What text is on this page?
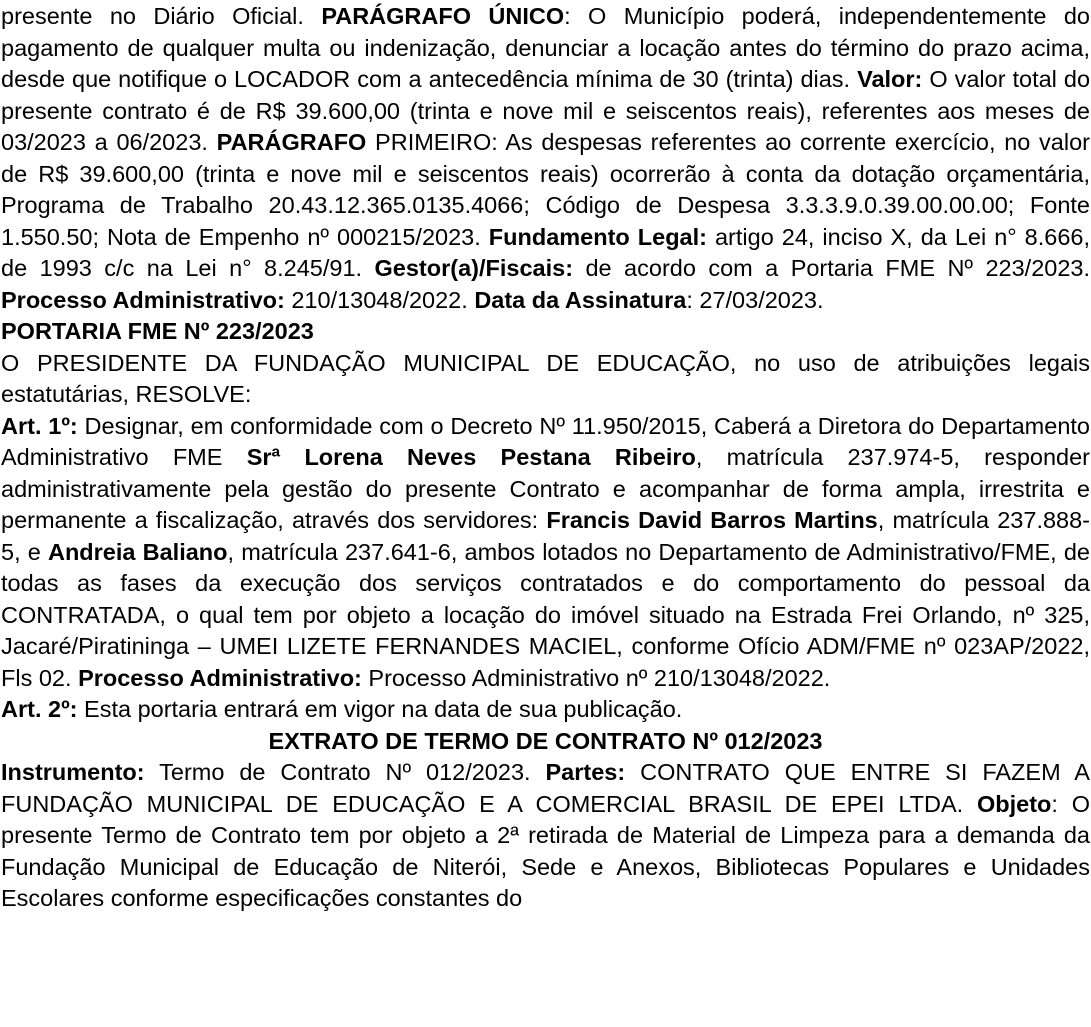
presente no Diário Oficial. PARÁGRAFO ÚNICO: O Município poderá, independentemente do pagamento de qualquer multa ou indenização, denunciar a locação antes do término do prazo acima, desde que notifique o LOCADOR com a antecedência mínima de 30 (trinta) dias. Valor: O valor total do presente contrato é de R$ 39.600,00 (trinta e nove mil e seiscentos reais), referentes aos meses de 03/2023 a 06/2023. PARÁGRAFO PRIMEIRO: As despesas referentes ao corrente exercício, no valor de R$ 39.600,00 (trinta e nove mil e seiscentos reais) ocorrerão à conta da dotação orçamentária, Programa de Trabalho 20.43.12.365.0135.4066; Código de Despesa 3.3.3.9.0.39.00.00.00; Fonte 1.550.50; Nota de Empenho nº 000215/2023. Fundamento Legal: artigo 24, inciso X, da Lei n° 8.666, de 1993 c/c na Lei n° 8.245/91. Gestor(a)/Fiscais: de acordo com a Portaria FME Nº 223/2023. Processo Administrativo: 210/13048/2022. Data da Assinatura: 27/03/2023.

PORTARIA FME Nº 223/2023

O PRESIDENTE DA FUNDAÇÃO MUNICIPAL DE EDUCAÇÃO, no uso de atribuições legais estatutárias, RESOLVE:

Art. 1º: Designar, em conformidade com o Decreto Nº 11.950/2015, Caberá a Diretora do Departamento Administrativo FME Srª Lorena Neves Pestana Ribeiro, matrícula 237.974-5, responder administrativamente pela gestão do presente Contrato e acompanhar de forma ampla, irrestrita e permanente a fiscalização, através dos servidores: Francis David Barros Martins, matrícula 237.888-5, e Andreia Baliano, matrícula 237.641-6, ambos lotados no Departamento de Administrativo/FME, de todas as fases da execução dos serviços contratados e do comportamento do pessoal da CONTRATADA, o qual tem por objeto a locação do imóvel situado na Estrada Frei Orlando, nº 325, Jacaré/Piratininga – UMEI LIZETE FERNANDES MACIEL, conforme Ofício ADM/FME nº 023AP/2022, Fls 02. Processo Administrativo: Processo Administrativo nº 210/13048/2022.

Art. 2º: Esta portaria entrará em vigor na data de sua publicação.

EXTRATO DE TERMO DE CONTRATO Nº 012/2023

Instrumento: Termo de Contrato Nº 012/2023. Partes: CONTRATO QUE ENTRE SI FAZEM A FUNDAÇÃO MUNICIPAL DE EDUCAÇÃO E A COMERCIAL BRASIL DE EPEI LTDA. Objeto: O presente Termo de Contrato tem por objeto a 2ª retirada de Material de Limpeza para a demanda da Fundação Municipal de Educação de Niterói, Sede e Anexos, Bibliotecas Populares e Unidades Escolares conforme especificações constantes do
